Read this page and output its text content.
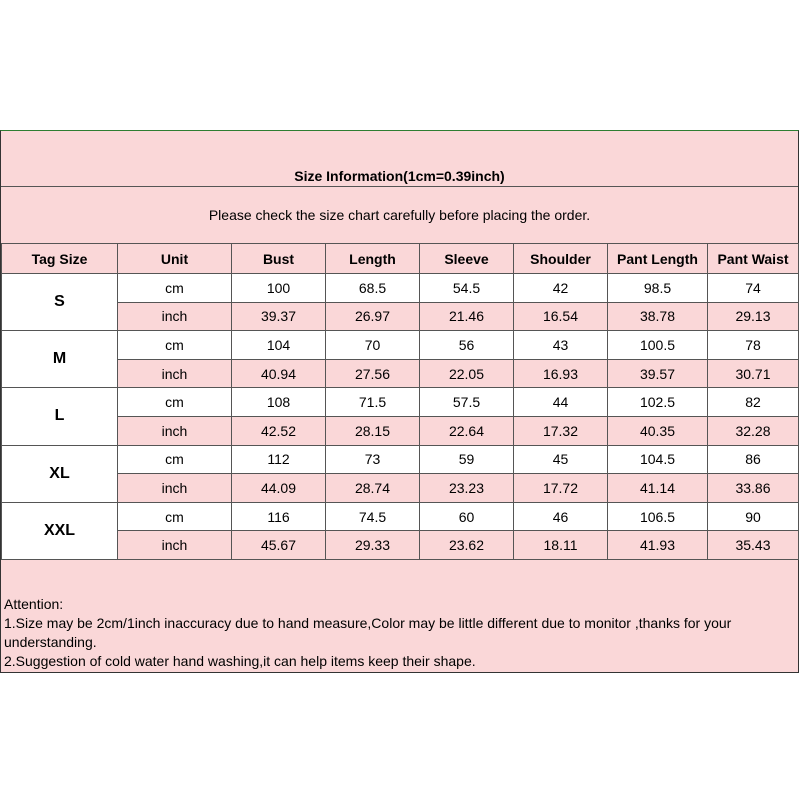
Size Information(1cm=0.39inch)
Please check the size chart carefully before placing the order.
Tag Size	Unit	Bust	Length	Sleeve	Shoulder	Pant Length	Pant Waist
S	cm	100	68.5	54.5	42	98.5	74
	inch	39.37	26.97	21.46	16.54	38.78	29.13
M	cm	104	70	56	43	100.5	78
	inch	40.94	27.56	22.05	16.93	39.57	30.71
L	cm	108	71.5	57.5	44	102.5	82
	inch	42.52	28.15	22.64	17.32	40.35	32.28
XL	cm	112	73	59	45	104.5	86
	inch	44.09	28.74	23.23	17.72	41.14	33.86
XXL	cm	116	74.5	60	46	106.5	90
	inch	45.67	29.33	23.62	18.11	41.93	35.43
Attention:
1.Size may be 2cm/1inch inaccuracy due to hand measure,Color may be little different due to monitor ,thanks for your understanding.
2.Suggestion of cold water hand washing,it can help items keep their shape.
